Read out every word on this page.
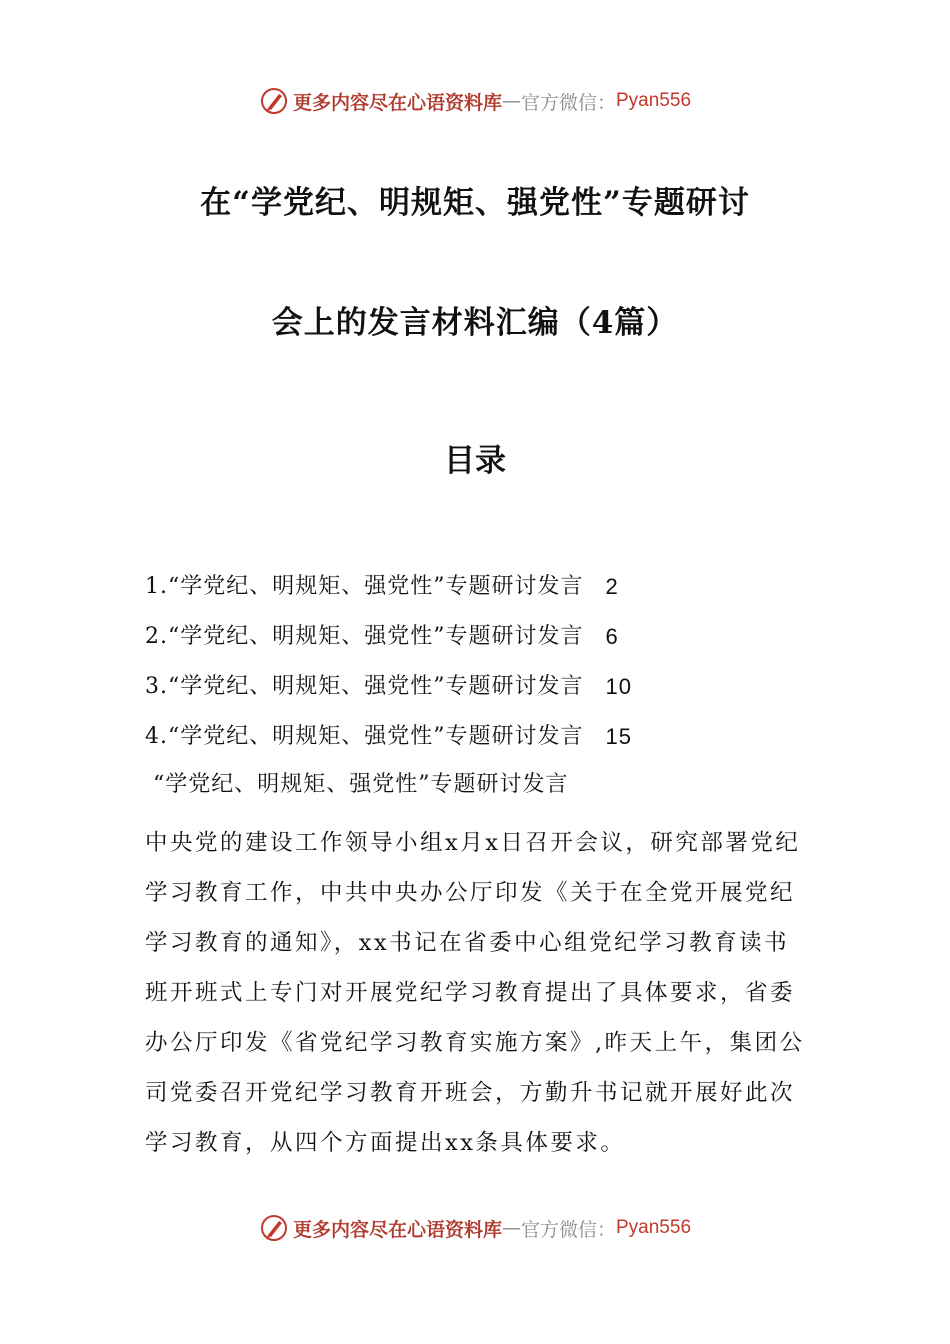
更多内容尽在心语资料库 — 官方微信： Pyan556
在“学党纪、明规矩、强党性”专题研讨
会上的发言材料汇编（4篇）
目录
1.“学党纪、明规矩、强党性”专题研讨发言 2
2.“学党纪、明规矩、强党性”专题研讨发言 6
3.“学党纪、明规矩、强党性”专题研讨发言 10
4.“学党纪、明规矩、强党性”专题研讨发言 15
“学党纪、明规矩、强党性”专题研讨发言
中央党的建设工作领导小组x月x日召开会议，研究部署党纪学习教育工作，中共中央办公厅印发《关于在全党开展党纪学习教育的通知》，xx书记在省委中心组党纪学习教育读书班开班式上专门对开展党纪学习教育提出了具体要求，省委办公厅印发《省党纪学习教育实施方案》,昨天上午，集团公司党委召开党纪学习教育开班会，方勤升书记就开展好此次学习教育，从四个方面提出xx条具体要求。
更多内容尽在心语资料库 — 官方微信： Pyan556
